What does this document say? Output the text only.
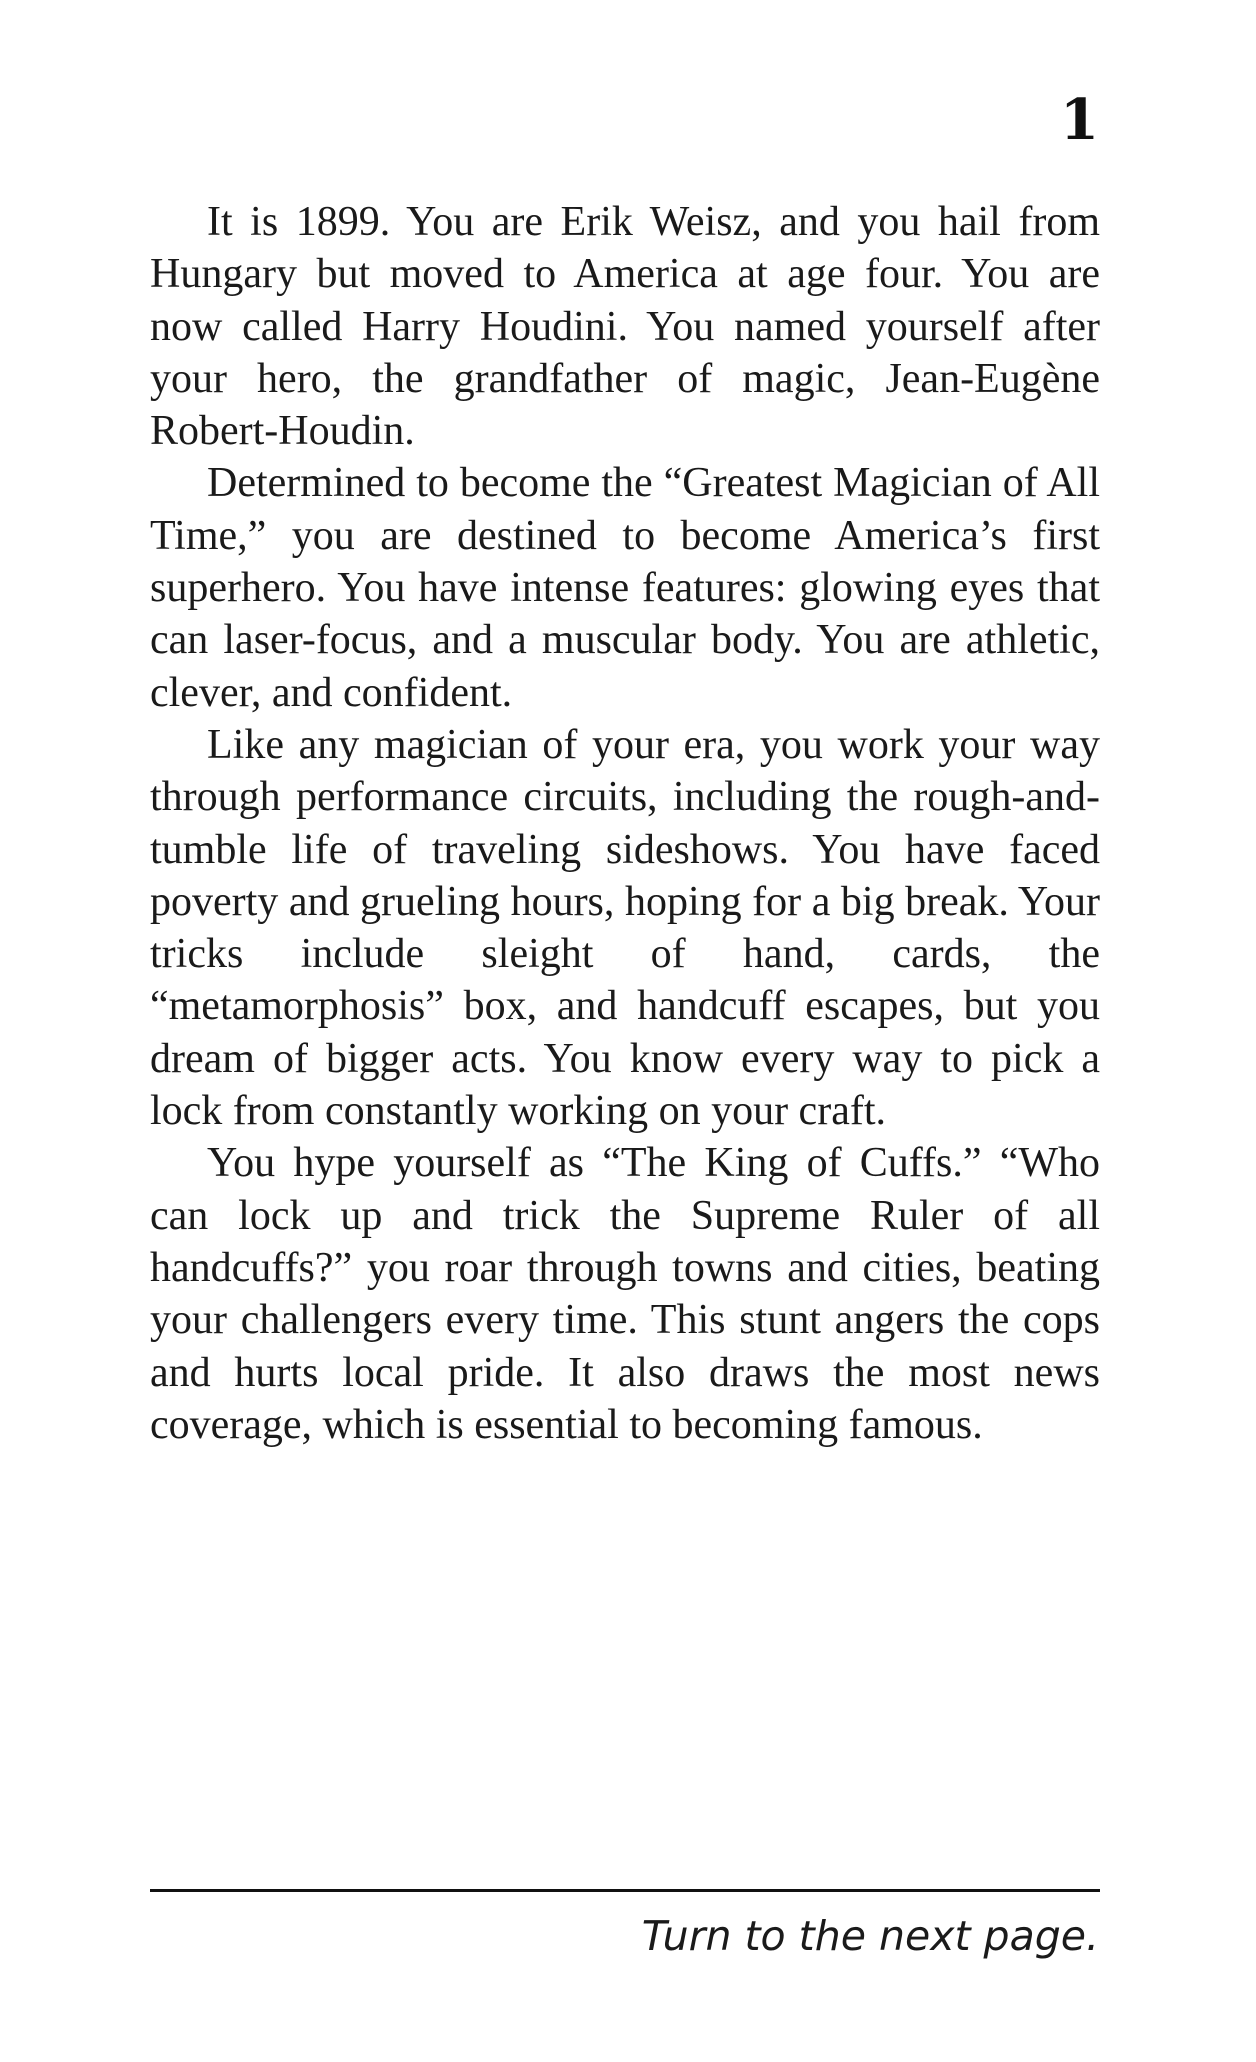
1

It is 1899. You are Erik Weisz, and you hail from Hungary but moved to America at age four. You are now called Harry Houdini. You named yourself after your hero, the grandfather of magic, Jean-Eugène Robert-Houdin.

Determined to become the “Greatest Magician of All Time,” you are destined to become America’s first superhero. You have intense features: glowing eyes that can laser-focus, and a muscular body. You are athletic, clever, and confident.

Like any magician of your era, you work your way through performance circuits, including the rough-and-tumble life of traveling sideshows. You have faced poverty and grueling hours, hoping for a big break. Your tricks include sleight of hand, cards, the “metamorphosis” box, and handcuff escapes, but you dream of bigger acts. You know every way to pick a lock from constantly working on your craft.

You hype yourself as “The King of Cuffs.” “Who can lock up and trick the Supreme Ruler of all handcuffs?” you roar through towns and cities, beating your challengers every time. This stunt angers the cops and hurts local pride. It also draws the most news coverage, which is essential to becoming famous.

Turn to the next page.
